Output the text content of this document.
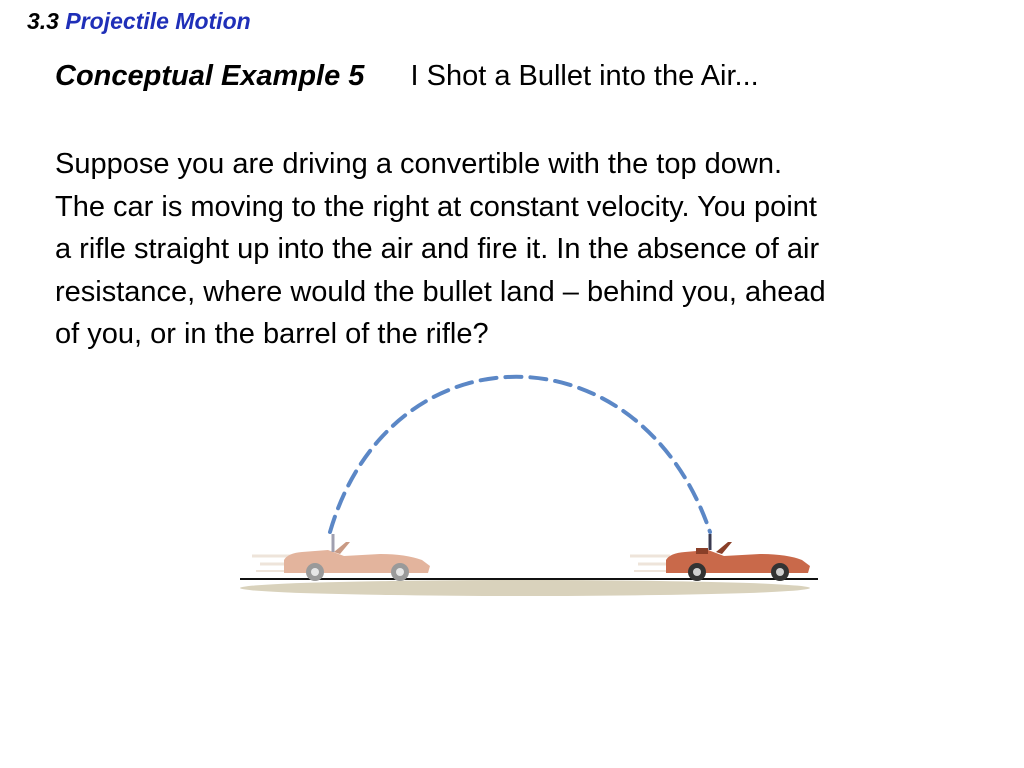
3.3 Projectile Motion
Conceptual Example 5 I Shot a Bullet into the Air...
Suppose you are driving a convertible with the top down.
The car is moving to the right at constant velocity. You point
a rifle straight up into the air and fire it. In the absence of air
resistance, where would the bullet land – behind you, ahead
of you, or in the barrel of the rifle?
